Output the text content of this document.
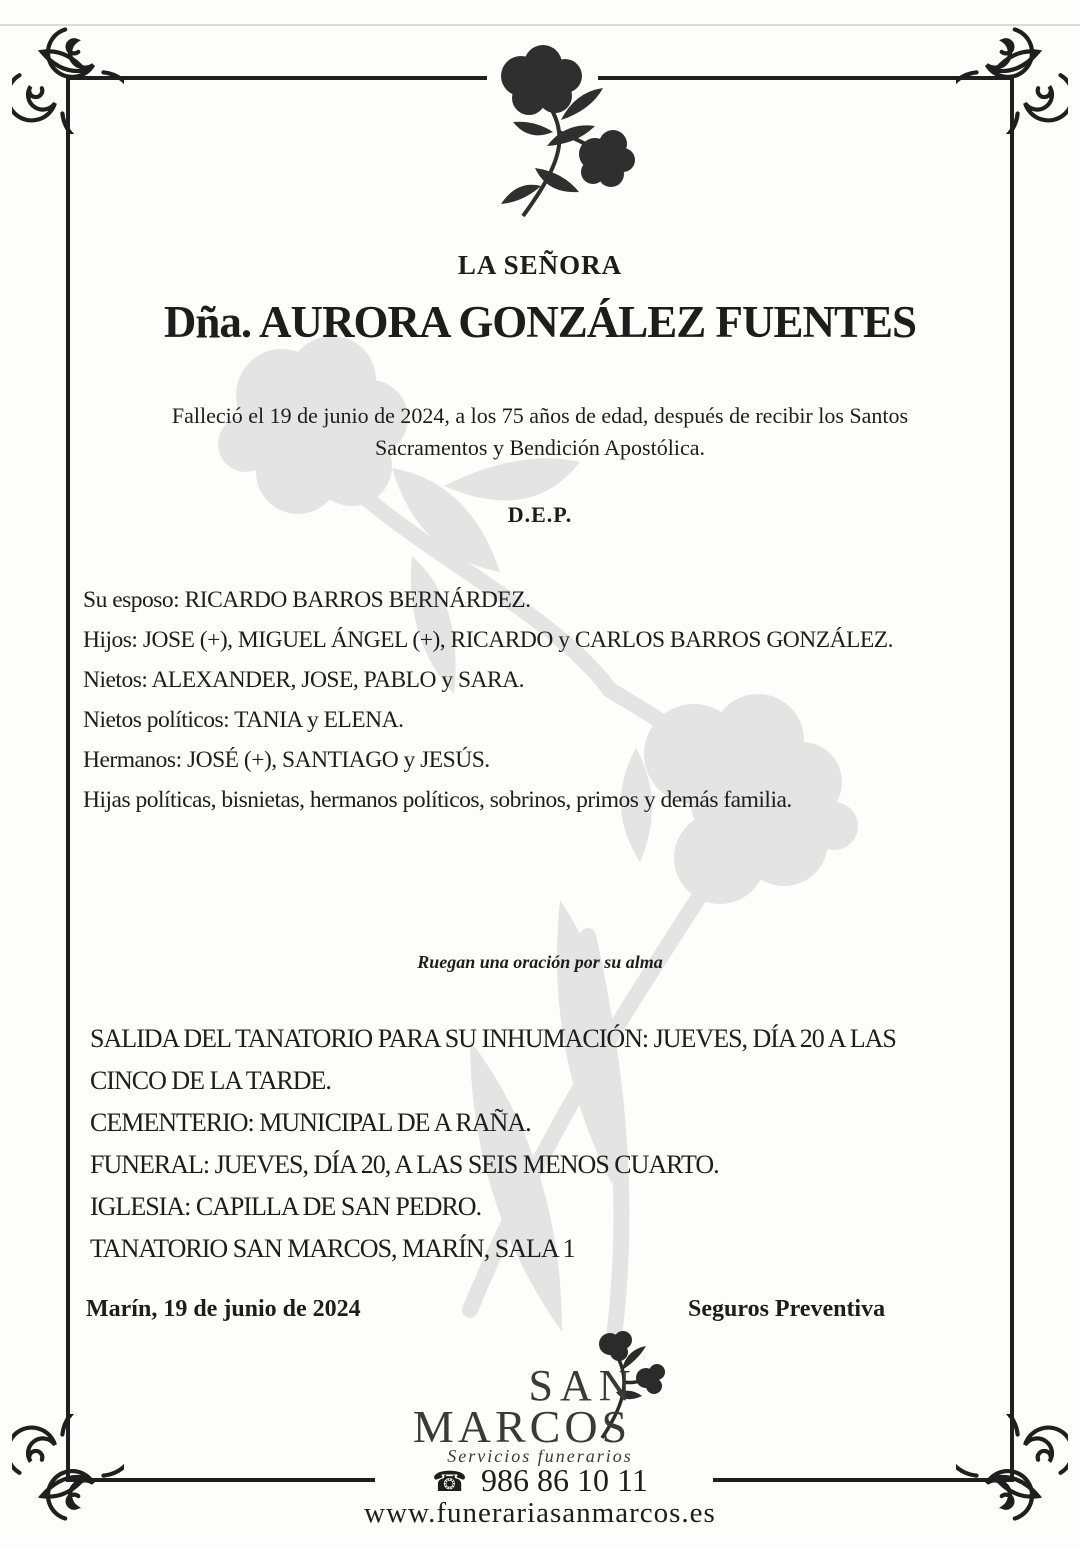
LA SEÑORA
Dña. AURORA GONZÁLEZ FUENTES
Falleció el 19 de junio de 2024, a los 75 años de edad, después de recibir los Santos Sacramentos y Bendición Apostólica.
D.E.P.
Su esposo: RICARDO BARROS BERNÁRDEZ.
Hijos: JOSE (+), MIGUEL ÁNGEL (+), RICARDO y CARLOS BARROS GONZÁLEZ.
Nietos: ALEXANDER, JOSE, PABLO y SARA.
Nietos políticos: TANIA y ELENA.
Hermanos: JOSÉ (+), SANTIAGO y JESÚS.
Hijas políticas, bisnietas, hermanos políticos, sobrinos, primos y demás familia.
Ruegan una oración por su alma
SALIDA DEL TANATORIO PARA SU INHUMACIÓN: JUEVES, DÍA 20 A LAS CINCO DE LA TARDE.
CEMENTERIO: MUNICIPAL DE A RAÑA.
FUNERAL: JUEVES, DÍA 20, A LAS SEIS MENOS CUARTO.
IGLESIA: CAPILLA DE SAN PEDRO.
TANATORIO SAN MARCOS, MARÍN, SALA 1
Marín, 19 de junio de 2024	Seguros Preventiva
SAN
MARCOS
Servicios funerarios
☎ 986 86 10 11
www.funerariasanmarcos.es
